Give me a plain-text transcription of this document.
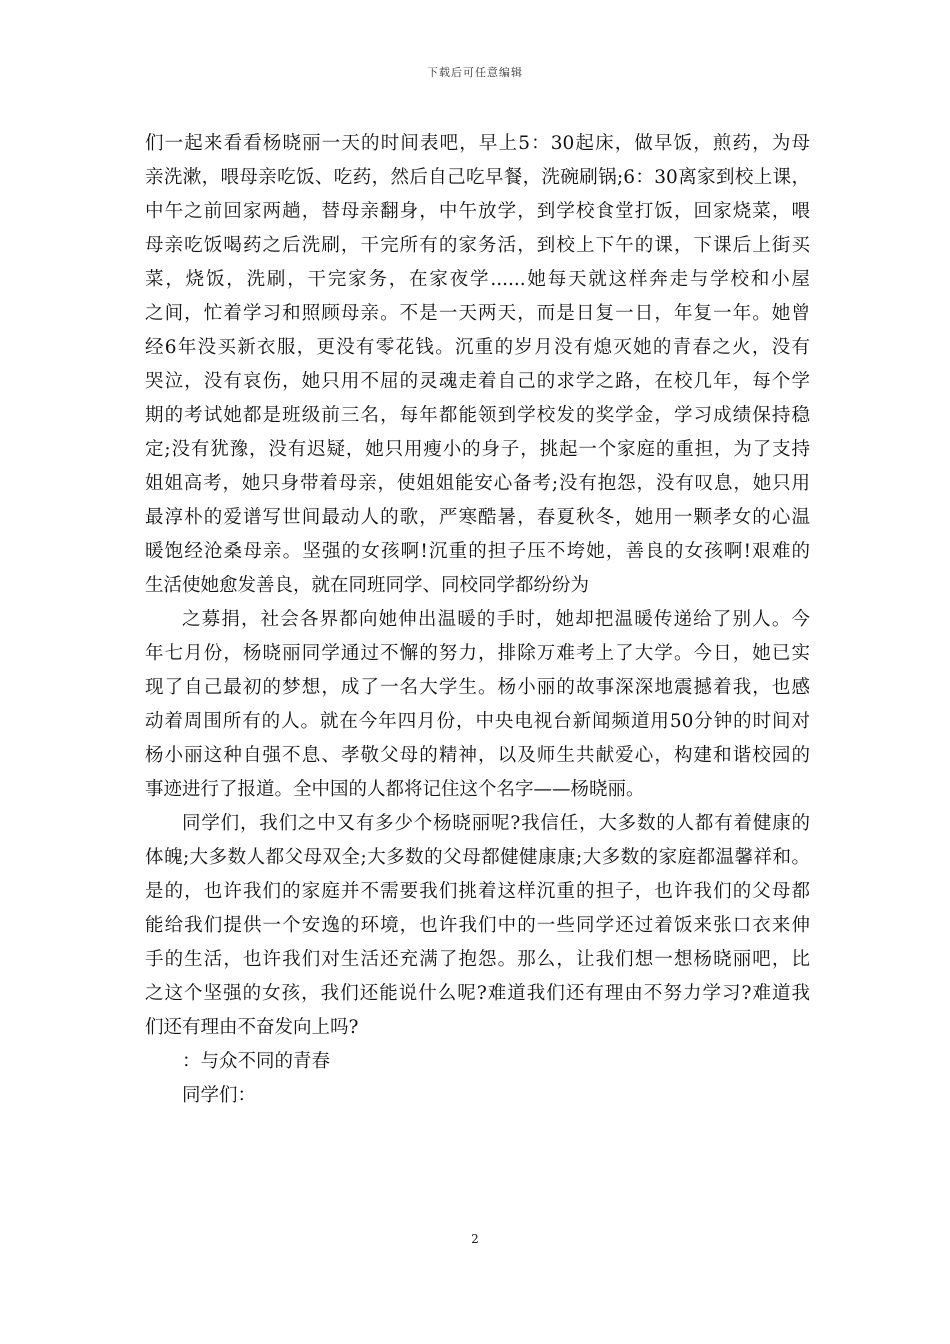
下载后可任意编辑
们一起来看看杨晓丽一天的时间表吧，早上5：30起床，做早饭，煎药，为母
亲洗漱，喂母亲吃饭、吃药，然后自己吃早餐，洗碗刷锅;6：30离家到校上课，
中午之前回家两趟，替母亲翻身，中午放学，到学校食堂打饭，回家烧菜，喂
母亲吃饭喝药之后洗刷，干完所有的家务活，到校上下午的课，下课后上街买
菜，烧饭，洗刷，干完家务，在家夜学......她每天就这样奔走与学校和小屋
之间，忙着学习和照顾母亲。不是一天两天，而是日复一日，年复一年。她曾
经6年没买新衣服，更没有零花钱。沉重的岁月没有熄灭她的青春之火，没有
哭泣，没有哀伤，她只用不屈的灵魂走着自己的求学之路，在校几年，每个学
期的考试她都是班级前三名，每年都能领到学校发的奖学金，学习成绩保持稳
定;没有犹豫，没有迟疑，她只用瘦小的身子，挑起一个家庭的重担，为了支持
姐姐高考，她只身带着母亲，使姐姐能安心备考;没有抱怨，没有叹息，她只用
最淳朴的爱谱写世间最动人的歌，严寒酷暑，春夏秋冬，她用一颗孝女的心温
暖饱经沧桑母亲。坚强的女孩啊!沉重的担子压不垮她，善良的女孩啊!艰难的
生活使她愈发善良，就在同班同学、同校同学都纷纷为
之募捐，社会各界都向她伸出温暖的手时，她却把温暖传递给了别人。今
年七月份，杨晓丽同学通过不懈的努力，排除万难考上了大学。今日，她已实
现了自己最初的梦想，成了一名大学生。杨小丽的故事深深地震撼着我，也感
动着周围所有的人。就在今年四月份，中央电视台新闻频道用50分钟的时间对
杨小丽这种自强不息、孝敬父母的精神，以及师生共献爱心，构建和谐校园的
事迹进行了报道。全中国的人都将记住这个名字——杨晓丽。
同学们，我们之中又有多少个杨晓丽呢?我信任，大多数的人都有着健康的
体魄;大多数人都父母双全;大多数的父母都健健康康;大多数的家庭都温馨祥和。
是的，也许我们的家庭并不需要我们挑着这样沉重的担子，也许我们的父母都
能给我们提供一个安逸的环境，也许我们中的一些同学还过着饭来张口衣来伸
手的生活，也许我们对生活还充满了抱怨。那么，让我们想一想杨晓丽吧，比
之这个坚强的女孩，我们还能说什么呢?难道我们还有理由不努力学习?难道我
们还有理由不奋发向上吗?
：与众不同的青春
同学们：
2
